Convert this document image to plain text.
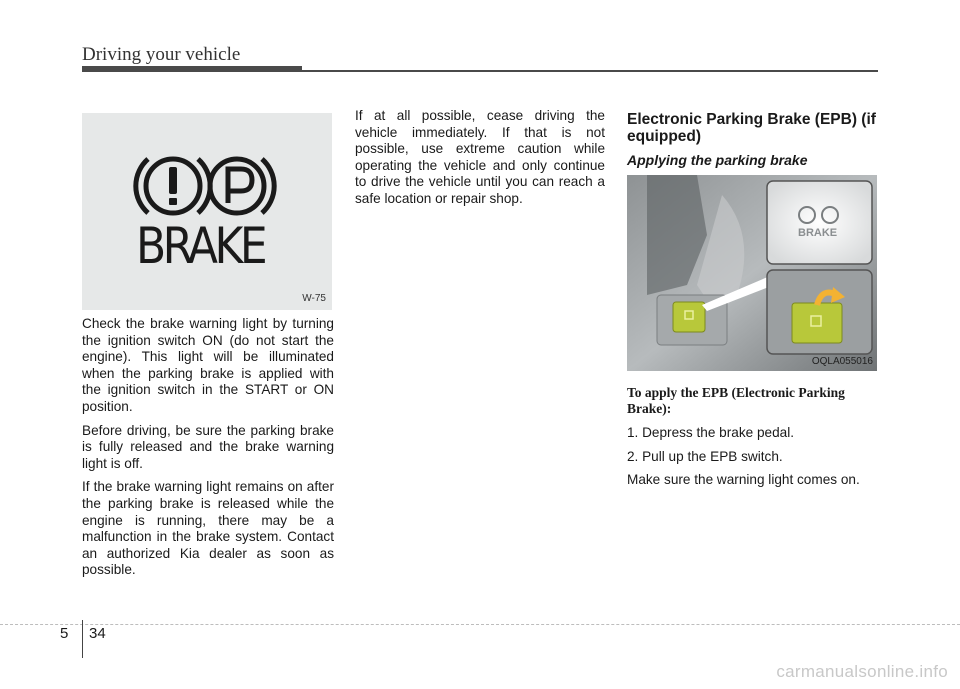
Driving your vehicle
BRAKE
W-75

Check the brake warning light by turning the ignition switch ON (do not start the engine). This light will be illuminated when the parking brake is applied with the ignition switch in the START or ON position.

Before driving, be sure the parking brake is fully released and the brake warning light is off.

If the brake warning light remains on after the parking brake is released while the engine is running, there may be a malfunction in the brake system. Contact an authorized Kia dealer as soon as possible.

If at all possible, cease driving the vehicle immediately. If that is not possible, use extreme caution while operating the vehicle and only continue to drive the vehicle until you can reach a safe location or repair shop.

Electronic Parking Brake (EPB) (if equipped)
Applying the parking brake
BRAKE
OQLA055016
To apply the EPB (Electronic Parking Brake):

1. Depress the brake pedal.

2. Pull up the EPB switch.

Make sure the warning light comes on.

5 34
carmanualsonline.info
